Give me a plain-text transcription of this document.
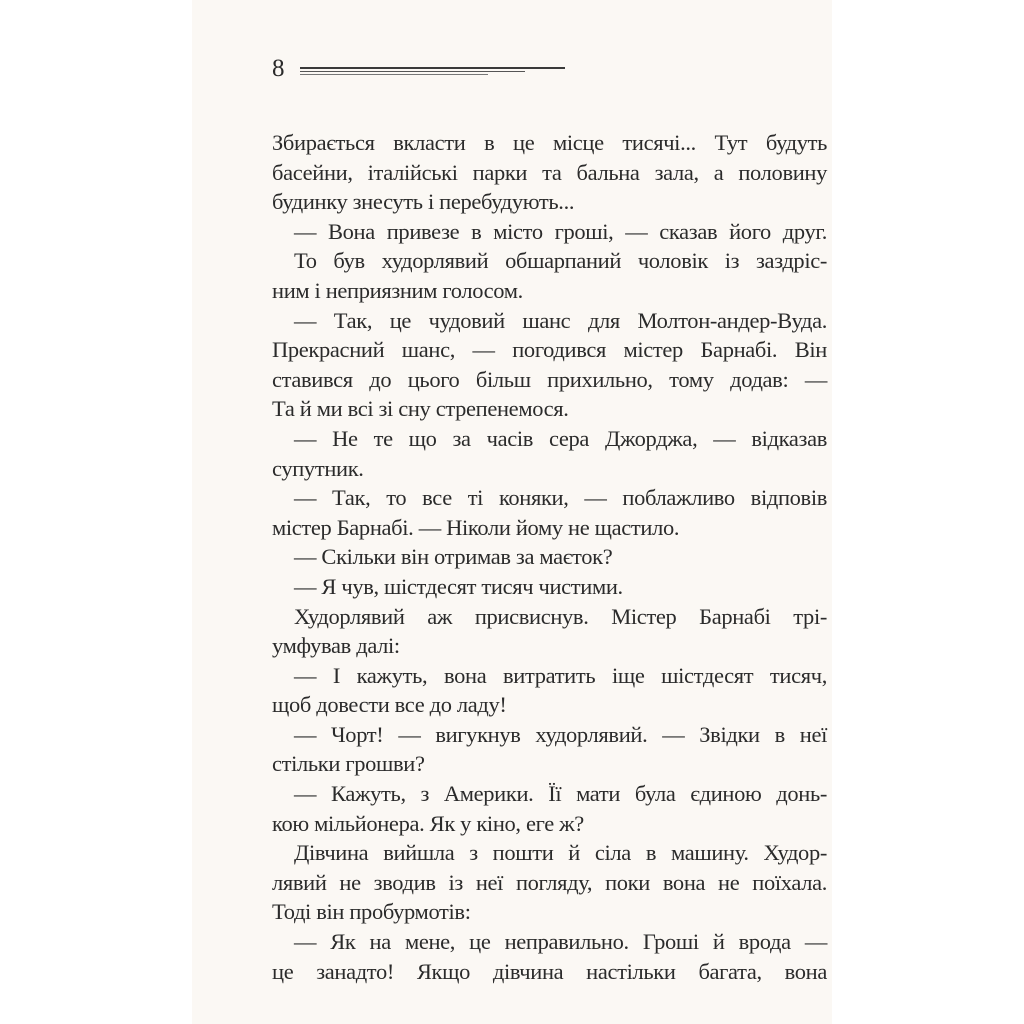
8
Збирається вкласти в це місце тисячі... Тут будуть
басейни, італійські парки та бальна зала, а половину
будинку знесуть і перебудують...
— Вона привезе в місто гроші, — сказав його друг.
То був худорлявий обшарпаний чоловік із заздріс-
ним і неприязним голосом.
— Так, це чудовий шанс для Молтон-андер-Вуда.
Прекрасний шанс, — погодився містер Барнабі. Він
ставився до цього більш прихильно, тому додав: —
Та й ми всі зі сну стрепенемося.
— Не те що за часів сера Джорджа, — відказав
супутник.
— Так, то все ті коняки, — поблажливо відповів
містер Барнабі. — Ніколи йому не щастило.
— Скільки він отримав за маєток?
— Я чув, шістдесят тисяч чистими.
Худорлявий аж присвиснув. Містер Барнабі трі-
умфував далі:
— І кажуть, вона витратить іще шістдесят тисяч,
щоб довести все до ладу!
— Чорт! — вигукнув худорлявий. — Звідки в неї
стільки грошви?
— Кажуть, з Америки. Її мати була єдиною донь-
кою мільйонера. Як у кіно, еге ж?
Дівчина вийшла з пошти й сіла в машину. Худор-
лявий не зводив із неї погляду, поки вона не поїхала.
Тоді він пробурмотів:
— Як на мене, це неправильно. Гроші й врода —
це занадто! Якщо дівчина настільки багата, вона
